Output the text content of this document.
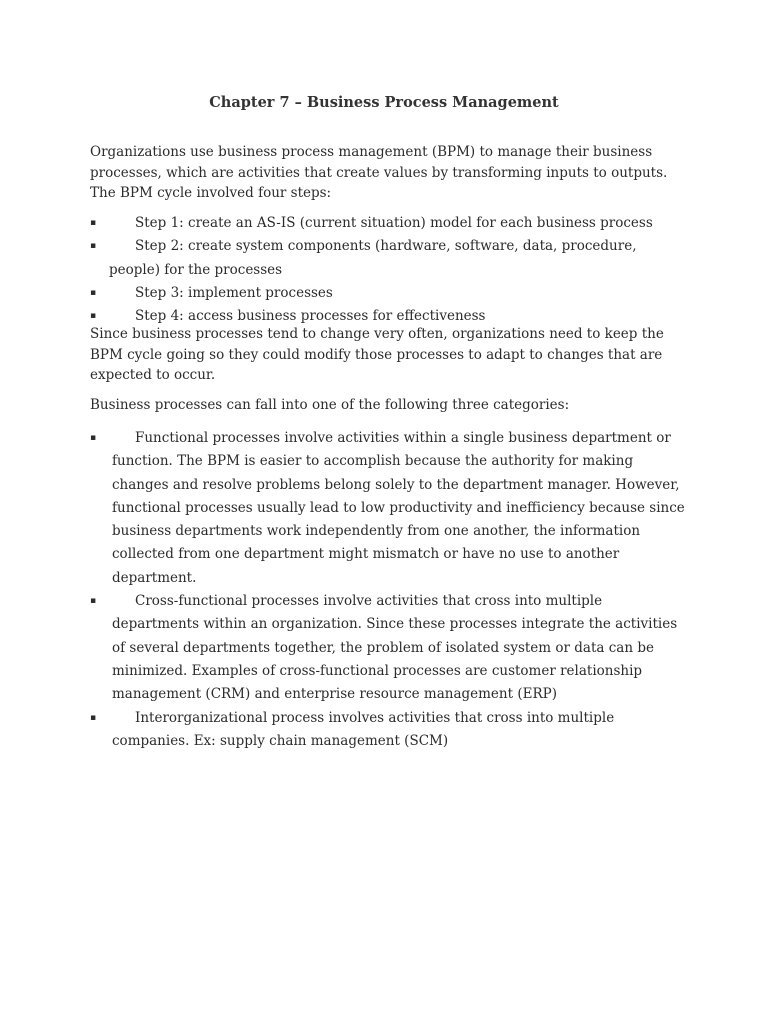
Chapter 7 – Business Process Management

Organizations use business process management (BPM) to manage their business processes, which are activities that create values by transforming inputs to outputs. The BPM cycle involved four steps:

▪	Step 1: create an AS-IS (current situation) model for each business process
▪	Step 2: create system components (hardware, software, data, procedure, people) for the processes
▪	Step 3: implement processes
▪	Step 4: access business processes for effectiveness

Since business processes tend to change very often, organizations need to keep the BPM cycle going so they could modify those processes to adapt to changes that are expected to occur.

Business processes can fall into one of the following three categories:

▪	Functional processes involve activities within a single business department or function. The BPM is easier to accomplish because the authority for making changes and resolve problems belong solely to the department manager. However, functional processes usually lead to low productivity and inefficiency because since business departments work independently from one another, the information collected from one department might mismatch or have no use to another department.
▪	Cross-functional processes involve activities that cross into multiple departments within an organization. Since these processes integrate the activities of several departments together, the problem of isolated system or data can be minimized. Examples of cross-functional processes are customer relationship management (CRM) and enterprise resource management (ERP)
▪	Interorganizational process involves activities that cross into multiple companies. Ex: supply chain management (SCM)
